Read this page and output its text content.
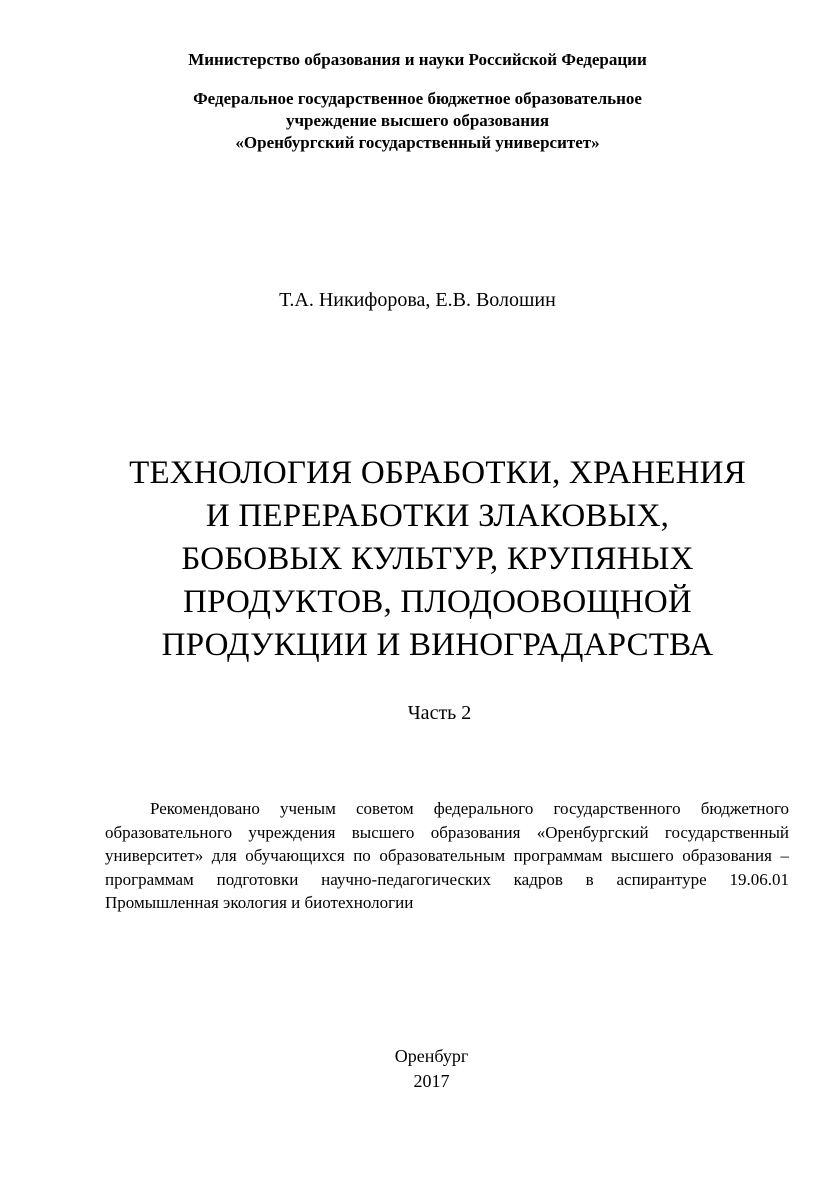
Министерство образования и науки Российской Федерации
Федеральное государственное бюджетное образовательное
учреждение высшего образования
«Оренбургский государственный университет»
Т.А. Никифорова, Е.В. Волошин
ТЕХНОЛОГИЯ ОБРАБОТКИ, ХРАНЕНИЯ
И ПЕРЕРАБОТКИ ЗЛАКОВЫХ,
БОБОВЫХ КУЛЬТУР, КРУПЯНЫХ
ПРОДУКТОВ, ПЛОДООВОЩНОЙ
ПРОДУКЦИИ И ВИНОГРАДАРСТВА
Часть 2
Рекомендовано ученым советом федерального государственного бюджетного образовательного учреждения высшего образования «Оренбургский государственный университет» для обучающихся по образовательным программам высшего образования – программам подготовки научно-педагогических кадров в аспирантуре 19.06.01 Промышленная экология и биотехнологии
Оренбург
2017
